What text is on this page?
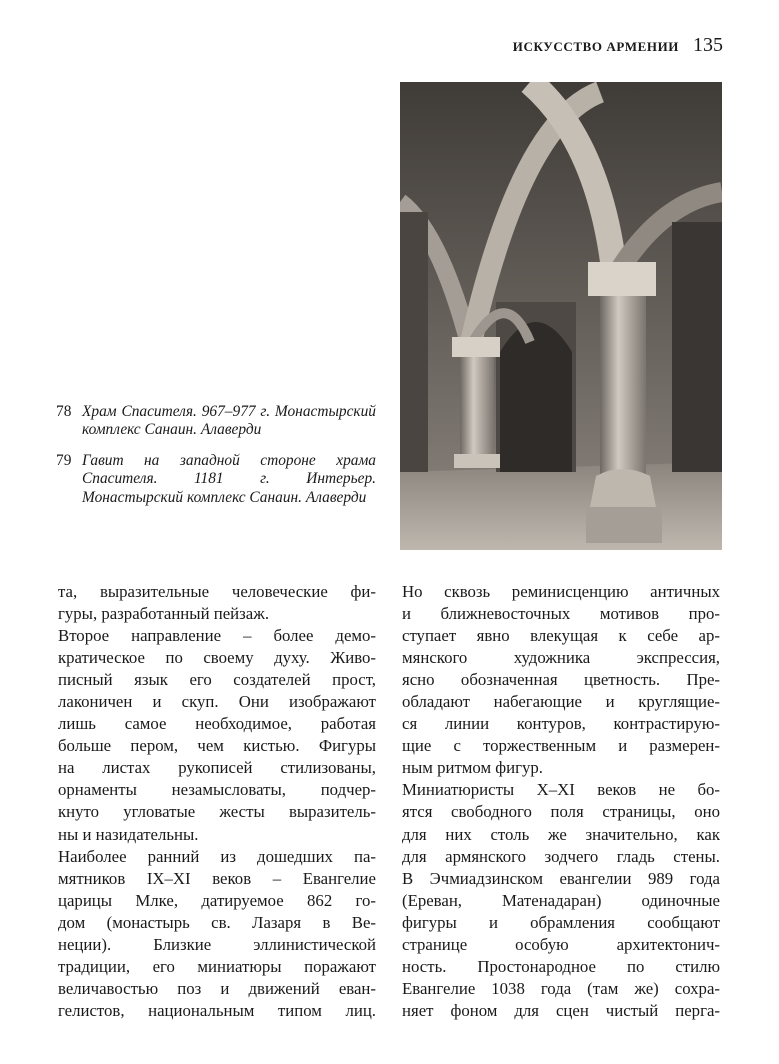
ИСКУССТВО АРМЕНИИ 135
78 Храм Спасителя. 967–977 г. Монастырский комплекс Санаин. Алаверди
79 Гавит на западной стороне храма Спасителя. 1181 г. Интерьер. Монастырский комплекс Санаин. Алаверди
та, выразительные человеческие фи-
гуры, разработанный пейзаж.
Второе направление – более демо-
кратическое по своему духу. Живо-
писный язык его создателей прост,
лаконичен и скуп. Они изображают
лишь самое необходимое, работая
больше пером, чем кистью. Фигуры
на листах рукописей стилизованы,
орнаменты незамысловаты, подчер-
кнуто угловатые жесты выразитель-
ны и назидательны.
Наиболее ранний из дошедших па-
мятников IX–XI веков – Евангелие
царицы Млке, датируемое 862 го-
дом (монастырь св. Лазаря в Ве-
неции). Близкие эллинистической
традиции, его миниатюры поражают
величавостью поз и движений еван-
гелистов, национальным типом лиц.
Но сквозь реминисценцию античных
и ближневосточных мотивов про-
ступает явно влекущая к себе ар-
мянского художника экспрессия,
ясно обозначенная цветность. Пре-
обладают набегающие и круглящие-
ся линии контуров, контрастирую-
щие с торжественным и размерен-
ным ритмом фигур.
Миниатюристы X–XI веков не бо-
ятся свободного поля страницы, оно
для них столь же значительно, как
для армянского зодчего гладь стены.
В Эчмиадзинском евангелии 989 года
(Ереван, Матенадаран) одиночные
фигуры и обрамления сообщают
странице особую архитектонич-
ность. Простонародное по стилю
Евангелие 1038 года (там же) сохра-
няет фоном для сцен чистый перга-
